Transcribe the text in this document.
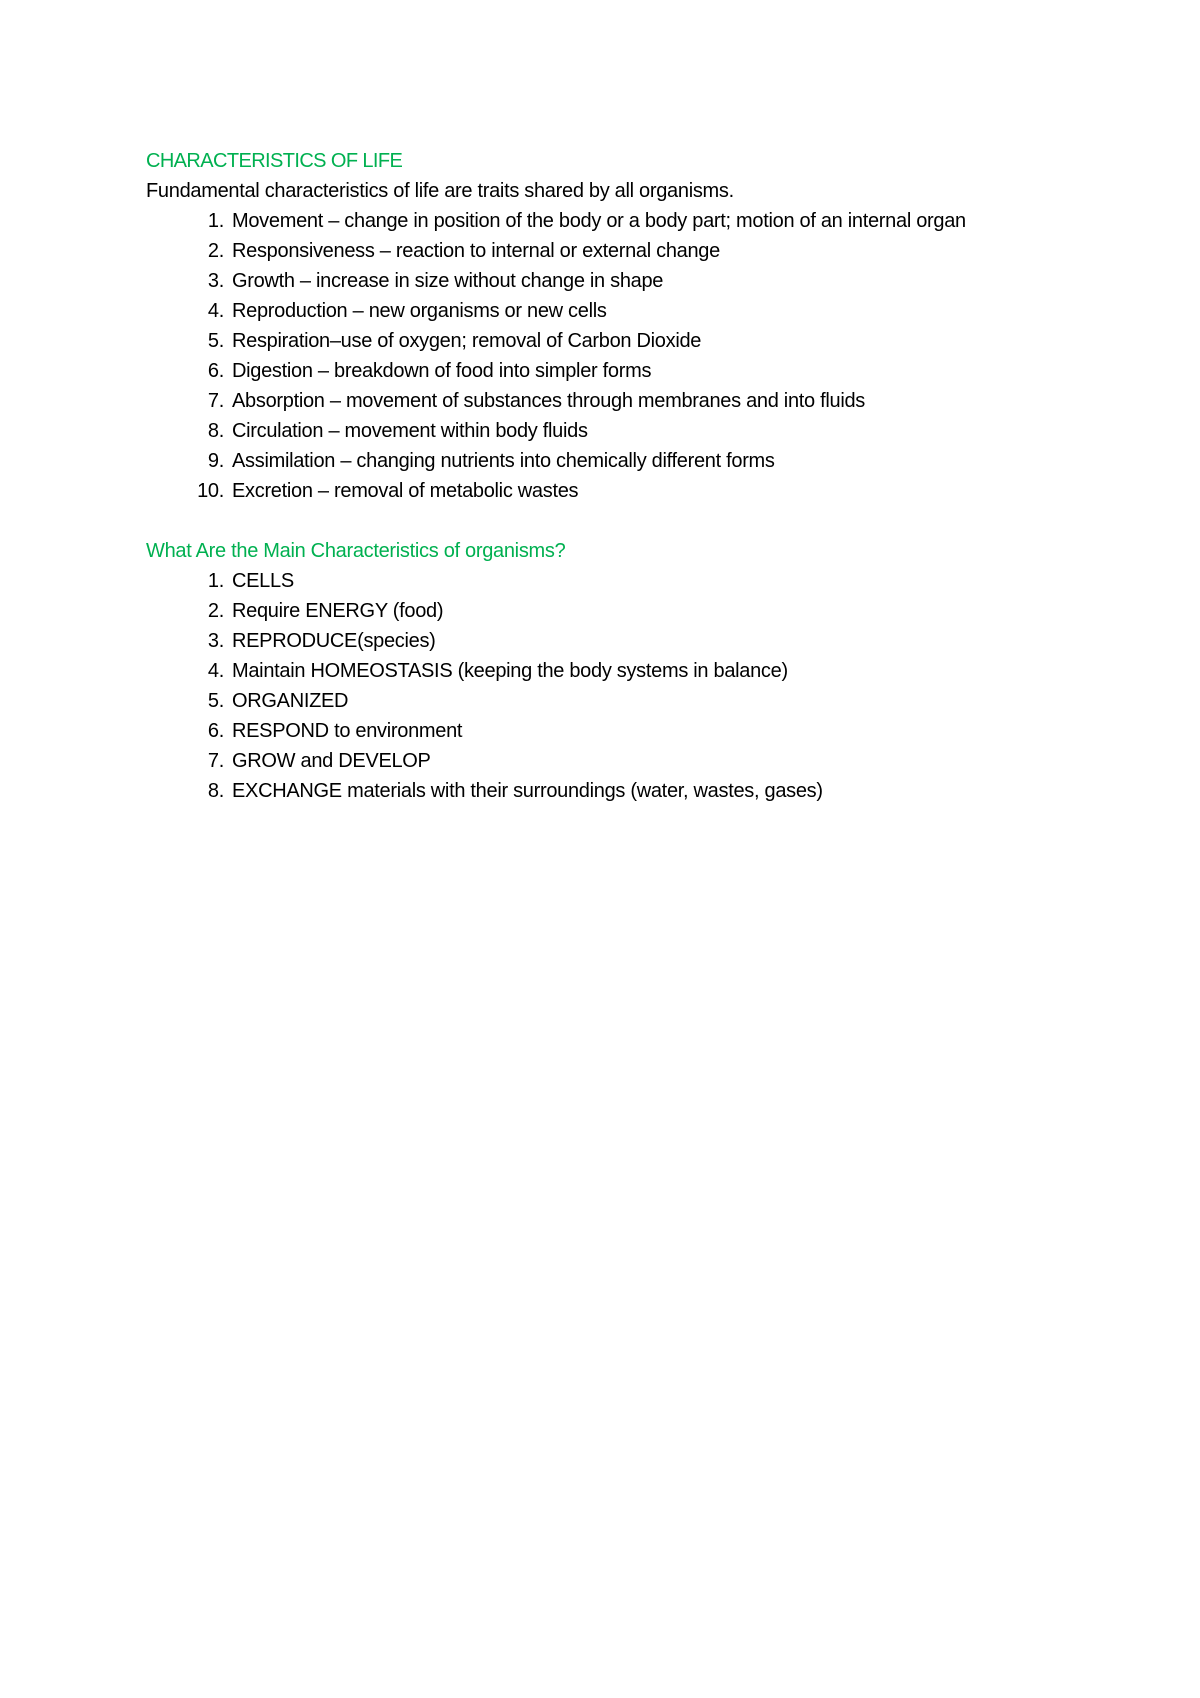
CHARACTERISTICS OF LIFE
Fundamental characteristics of life are traits shared by all organisms.
1. Movement – change in position of the body or a body part; motion of an internal organ
2. Responsiveness – reaction to internal or external change
3. Growth – increase in size without change in shape
4. Reproduction – new organisms or new cells
5. Respiration–use of oxygen; removal of Carbon Dioxide
6. Digestion – breakdown of food into simpler forms
7. Absorption – movement of substances through membranes and into fluids
8. Circulation – movement within body fluids
9. Assimilation – changing nutrients into chemically different forms
10. Excretion – removal of metabolic wastes
What Are the Main Characteristics of organisms?
1. CELLS
2. Require ENERGY (food)
3. REPRODUCE(species)
4. Maintain HOMEOSTASIS (keeping the body systems in balance)
5. ORGANIZED
6. RESPOND to environment
7. GROW and DEVELOP
8. EXCHANGE materials with their surroundings (water, wastes, gases)
